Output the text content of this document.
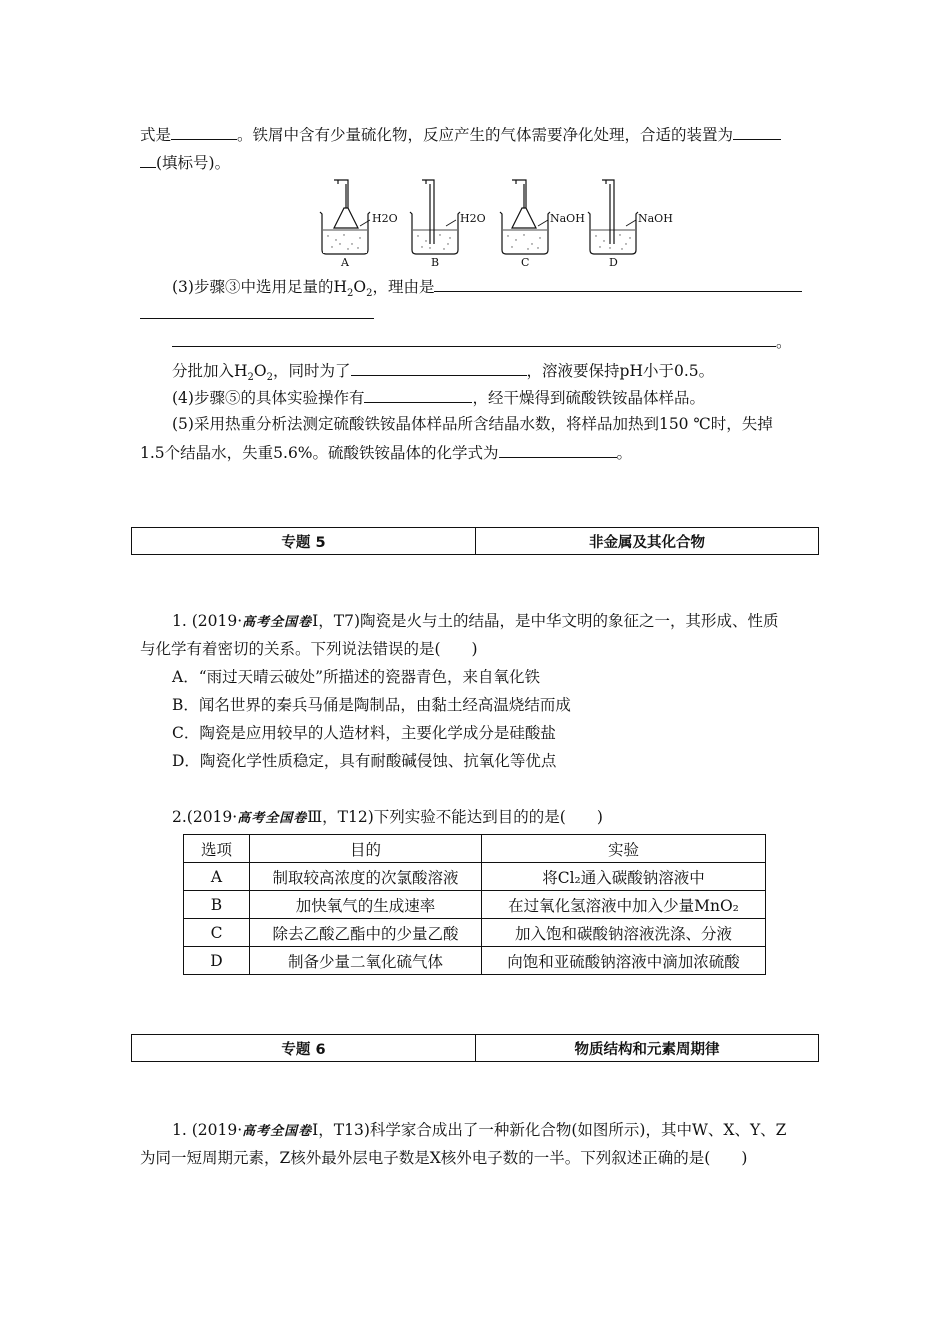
式是	。铁屑中含有少量硫化物，反应产生的气体需要净化处理，合适的装置为
(填标号)。
H2O
A
H2O
B
NaOH
C
NaOH
D
(3)步骤③中选用足量的$H_2O_2$，理由是
。
分批加入$H_2O_2$，同时为了	，溶液要保持pH小于0.5。
(4)步骤⑤的具体实验操作有	，经干燥得到硫酸铁铵晶体样品。
(5)采用热重分析法测定硫酸铁铵晶体样品所含结晶水数，将样品加热到150 ℃时，失掉
1.5个结晶水，失重5.6%。硫酸铁铵晶体的化学式为	。
专题 5	非金属及其化合物
1. (2019·高考全国卷Ⅰ，T7)陶瓷是火与土的结晶，是中华文明的象征之一，其形成、性质
与化学有着密切的关系。下列说法错误的是(　　)
A．“雨过天晴云破处”所描述的瓷器青色，来自氧化铁
B．闻名世界的秦兵马俑是陶制品，由黏土经高温烧结而成
C．陶瓷是应用较早的人造材料，主要化学成分是硅酸盐
D．陶瓷化学性质稳定，具有耐酸碱侵蚀、抗氧化等优点
2.(2019·高考全国卷Ⅲ，T12)下列实验不能达到目的的是(　　)
选项	目的	实验
A	制取较高浓度的次氯酸溶液	将Cl₂通入碳酸钠溶液中
B	加快氧气的生成速率	在过氧化氢溶液中加入少量MnO₂
C	除去乙酸乙酯中的少量乙酸	加入饱和碳酸钠溶液洗涤、分液
D	制备少量二氧化硫气体	向饱和亚硫酸钠溶液中滴加浓硫酸
专题 6	物质结构和元素周期律
1. (2019·高考全国卷Ⅰ，T13)科学家合成出了一种新化合物(如图所示)，其中W、X、Y、Z
为同一短周期元素，Z核外最外层电子数是X核外电子数的一半。下列叙述正确的是(　　)
